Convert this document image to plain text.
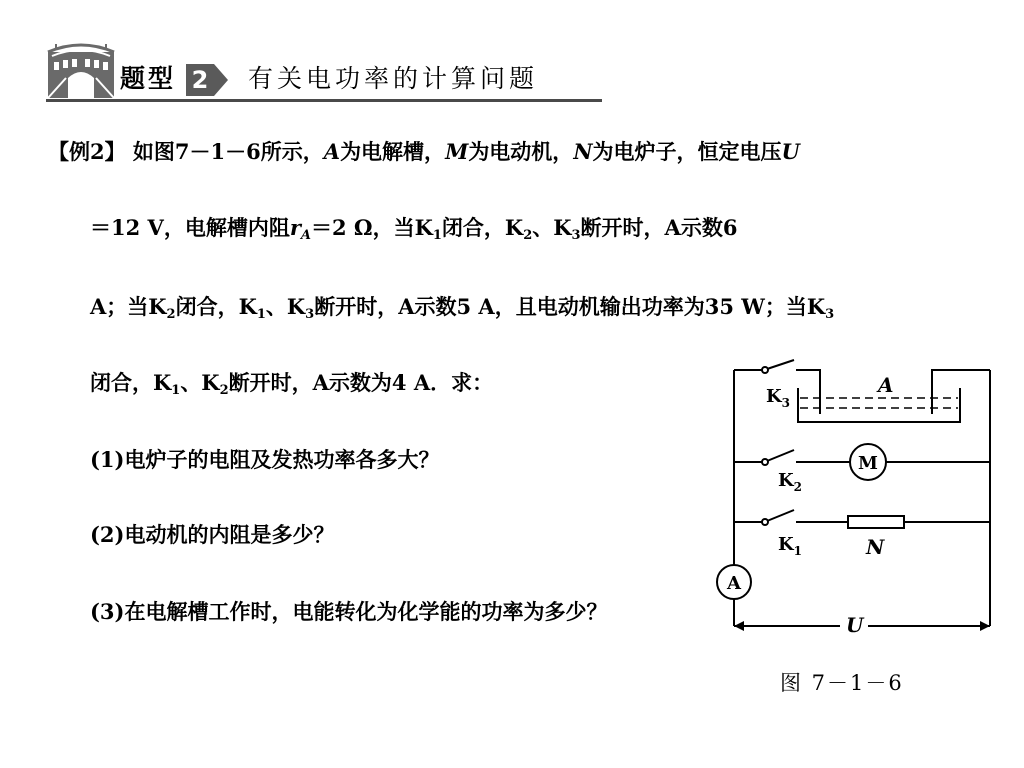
题型 2 有关电功率的计算问题
【例2】 如图7－1－6所示，A为电解槽，M为电动机，N为电炉子，恒定电压U
＝12 V，电解槽内阻$r_A=2$ Ω，当$K_1$闭合，$K_2$、$K_3$断开时，A示数6
A；当$K_2$闭合，$K_1$、$K_3$断开时，A示数5 A，且电动机输出功率为35 W；当$K_3$
闭合，$K_1$、$K_2$断开时，A示数为4 A．求：
(1)电炉子的电阻及发热功率各多大？
(2)电动机的内阻是多少？
(3)在电解槽工作时，电能转化为化学能的功率为多少？
U
A
$K_3$
A
$K_2$
M
$K_1$	N
图 7－1－6
